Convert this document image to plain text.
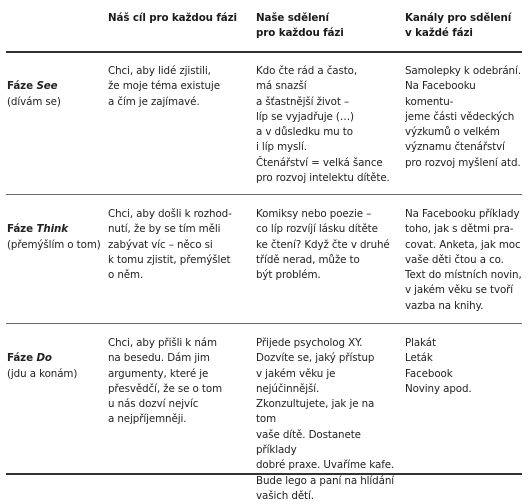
Náš cíl pro každou fázi	Naše sdělení
pro každou fázi
Kanály pro sdělení
v každé fázi

Fáze See

(dívám se)

Chci, aby lidé zjistili,
že moje téma existuje
a čím je zajímavé.
Kdo čte rád a často,
má snazší
a šťastnější život –
líp se vyjadřuje (…)
a v důsledku mu to
i líp myslí.
Čtenářství = velká šance
pro rozvoj intelektu dítěte.
Samolepky k odebrání.
Na Facebooku komentu-
јeme části vědeckých
výzkumů o velkém
významu čtenářství
pro rozvoj myšlení atd.

Fáze Think

(přemýšlím o tom)

Chci, aby došli k rozhod-
nutí, že by se tím měli
zabývat víc – něco si
k tomu zjistit, přemýšlet
o něm.
Komiksy nebo poezie –
co líp rozvíjí lásku dítěte
ke čtení? Když čte v druhé
třídě nerad, může to
být problém.
Na Facebooku příklady
toho, jak s dětmi pra-
covat. Anketa, jak moc
vaše děti čtou a co.
Text do místních novin,
v jakém věku se tvoří
vazba na knihy.

Fáze Do

(jdu a konám)

Chci, aby přišli k nám
na besedu. Dám jim
argumenty, které je
přesvědčí, že se o tom
u nás dozví nejvíc
a nejpříjemněji.
Přijede psycholog XY.
Dozvíte se, jaký přístup
v jakém věku je nejúčinnější.
Zkonzultujete, jak je na tom
vaše dítě. Dostanete příklady
dobré praxe. Uvaříme kafe.
Bude lego a paní na hlídání
vašich dětí.
Plakát
Leták
Facebook
Noviny apod.
